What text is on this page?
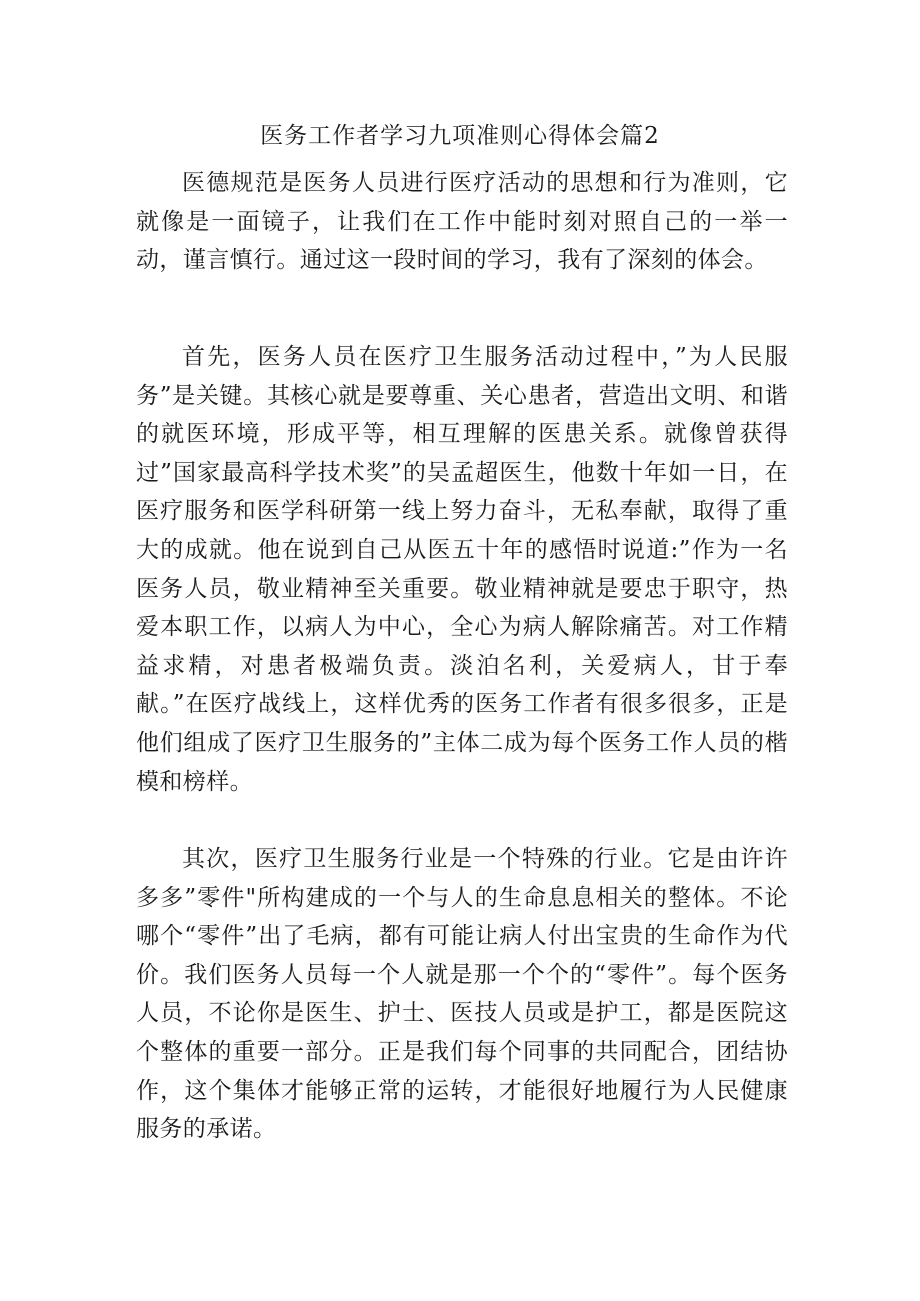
医务工作者学习九项准则心得体会篇2

医德规范是医务人员进行医疗活动的思想和行为准则，它就像是一面镜子，让我们在工作中能时刻对照自己的一举一动，谨言慎行。通过这一段时间的学习，我有了深刻的体会。

首先，医务人员在医疗卫生服务活动过程中，”为人民服务”是关键。其核心就是要尊重、关心患者，营造出文明、和谐的就医环境，形成平等，相互理解的医患关系。就像曾获得过”国家最高科学技术奖”的吴孟超医生，他数十年如一日，在医疗服务和医学科研第一线上努力奋斗，无私奉献，取得了重大的成就。他在说到自己从医五十年的感悟时说道:”作为一名医务人员，敬业精神至关重要。敬业精神就是要忠于职守，热爱本职工作，以病人为中心，全心为病人解除痛苦。对工作精益求精，对患者极端负责。淡泊名利，关爱病人，甘于奉献。”在医疗战线上，这样优秀的医务工作者有很多很多，正是他们组成了医疗卫生服务的”主体二成为每个医务工作人员的楷模和榜样。

其次，医疗卫生服务行业是一个特殊的行业。它是由许许多多”零件"所构建成的一个与人的生命息息相关的整体。不论哪个“零件”出了毛病，都有可能让病人付出宝贵的生命作为代价。我们医务人员每一个人就是那一个个的“零件”。每个医务人员，不论你是医生、护士、医技人员或是护工，都是医院这个整体的重要一部分。正是我们每个同事的共同配合，团结协作，这个集体才能够正常的运转，才能很好地履行为人民健康服务的承诺。
